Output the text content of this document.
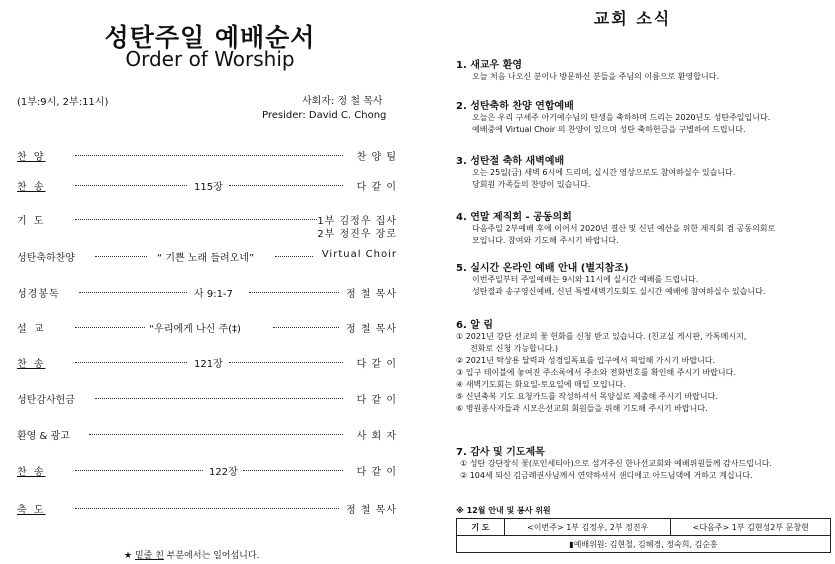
성탄주일 예배순서
Order of Worship
(1부:9시, 2부:11시)	사회자: 정 철 목사
Presider: David C. Chong
찬 양	찬 양 팀
찬 송	115장	다 같 이
기 도	1부 김정우 집사
2부 정진우 장로
성탄축하찬양	“ 기쁜 노래 들려오네”	Virtual Choir
성경봉독	사 9:1-7	정 철 목사
설 교	“우리에게 나신 주(‡)	정 철 목사
찬 송	121장	다 같 이
성탄감사헌금	다 같 이
환영 & 광고	사 회 자
찬 송	122장	다 같 이
축 도	정 철 목사
★ 밑줄 친 부분에서는 일어섭니다.
교회 소식
1. 새교우 환영
오늘 처음 나오신 분이나 방문하신 분들을 주님의 이름으로 환영합니다.
2. 성탄축하 찬양 연합예배
오늘은 우리 구세주 아기예수님의 탄생을 축하하며 드리는 2020년도 성탄주일입니다.
예배중에 Virtual Choir 의 찬양이 있으며 성탄 축하헌금을 구별하여 드립니다.
3. 성탄절 축하 새벽예배
오는 25일(금) 새벽 6시에 드리며, 실시간 영상으로도 참여하실수 있습니다.
당회원 가족들의 찬양이 있습니다.
4. 연말 제직회 - 공동의회
다음주일 2부예배 후에 이어서 2020년 결산 및 신년 예산을 위한 제직회 겸 공동의회로
모입니다. 참여와 기도해 주시기 바랍니다.
5. 실시간 온라인 예배 안내 (별지참조)
이번주일부터 주일예배는 9시와 11시에 실시간 예배를 드립니다.
성탄절과 송구영신예배, 신년 특별새벽기도회도 실시간 예배에 참여하실수 있습니다.
6. 알 림
① 2021년 강단 선교의 꽃 헌화를 신청 받고 있습니다. (친교실 게시판, 카톡메시지,
전화로 신청 가능합니다.)
② 2021년 탁상용 달력과 성경일독표를 입구에서 픽업해 가시기 바랍니다.
③ 입구 테이블에 놓여진 주소록에서 주소와 전화번호를 확인해 주시기 바랍니다.
④ 새벽기도회는 화요일-토요일에 매일 모입니다.
⑤ 신년축복 기도 요청카드를 작성하셔서 목양실로 제출해 주시기 바랍니다.
⑥ 병원종사자들과 시모은선교회 회원들을 위해 기도해 주시기 바랍니다.
7. 감사 및 기도제목
① 성탄 강단장식 꽃(포인세티아)으로 섬겨주신 한나선교회와 예배위원들께 감사드립니다.
② 104세 되신 김금례권사님께서 연약하셔서 샌디에고 아드님댁에 거하고 계십니다.
※ 12월 안내 및 봉사 위원
기 도	<이번주> 1부 김정우, 2부 정진우	<다음주> 1부 김현성2부 문창현
▮예배위원: 김현철, 김혜경, 정숙희, 김순홍
